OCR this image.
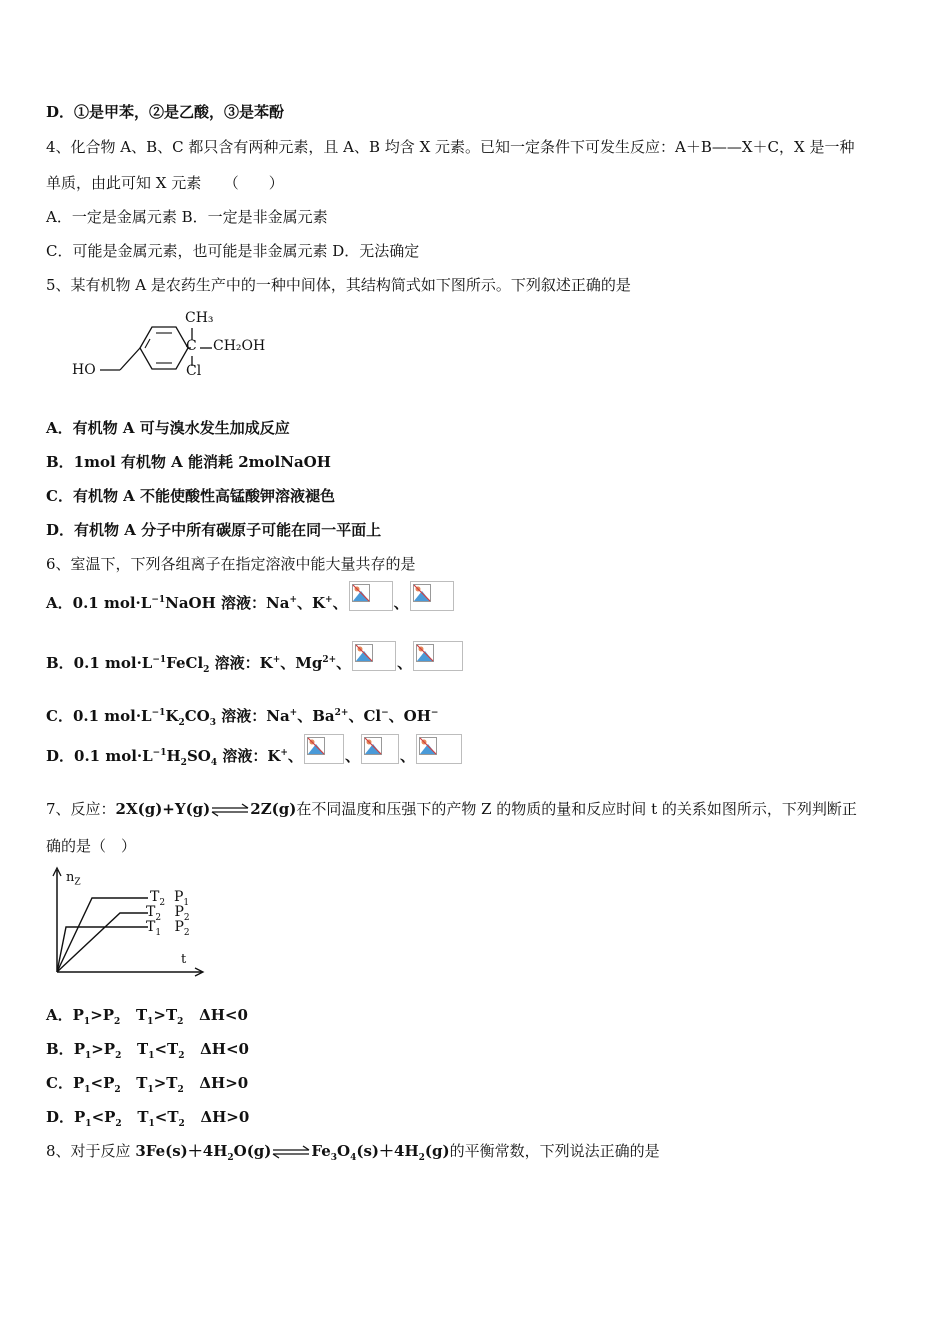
D．①是甲苯，②是乙酸，③是苯酚
4、化合物 A、B、C 都只含有两种元素，且 A、B 均含 X 元素。已知一定条件下可发生反应：A＋B——X＋C，X 是一种
单质，由此可知 X 元素　　（　　）
A．一定是金属元素 B．一定是非金属元素
C．可能是金属元素，也可能是非金属元素 D．无法确定
5、某有机物 A 是农药生产中的一种中间体，其结构简式如下图所示。下列叙述正确的是
CH₃
C CH₂OH
Cl
HO
A．有机物 A 可与溴水发生加成反应
B．1mol 有机物 A 能消耗 2molNaOH
C．有机物 A 不能使酸性高锰酸钾溶液褪色
D．有机物 A 分子中所有碳原子可能在同一平面上
6、室温下，下列各组离子在指定溶液中能大量共存的是
A．0.1 $mol\cdot L^{-1}NaOH$ 溶液：Na+、K+、	、
B．0.1 $mol\cdot L^{-1}FeCl_2$ 溶液：K+、$Mg^{2+}$、	、
C．0.1 $mol\cdot L^{-1}K_2CO_3$ 溶液：Na+、$Ba^{2+}$、Cl−、OH−
D．0.1 $mol\cdot L^{-1}H_2SO_4$ 溶液：K+、	、	、
7、反应：2X(g)+Y(g)⇌2Z(g)在不同温度和压强下的产物 Z 的物质的量和反应时间 t 的关系如图所示，下列判断正
确的是（　）
$n_Z$
t
$T_2$ $P_1$
$T_2$ $P_2$
$T_1$ $P_2$
A．$P_1>P_2$ $T_1>T_2$ ΔH<0
B．$P_1>P_2$ $T_1<T_2$ ΔH<0
C．$P_1<P_2$ $T_1>T_2$ ΔH>0
D．$P_1<P_2$ $T_1<T_2$ ΔH>0
8、对于反应 $3Fe(s)+4H_2O(g)\rightleftharpoons Fe_3O_4(s)+4H_2(g)$的平衡常数，下列说法正确的是
